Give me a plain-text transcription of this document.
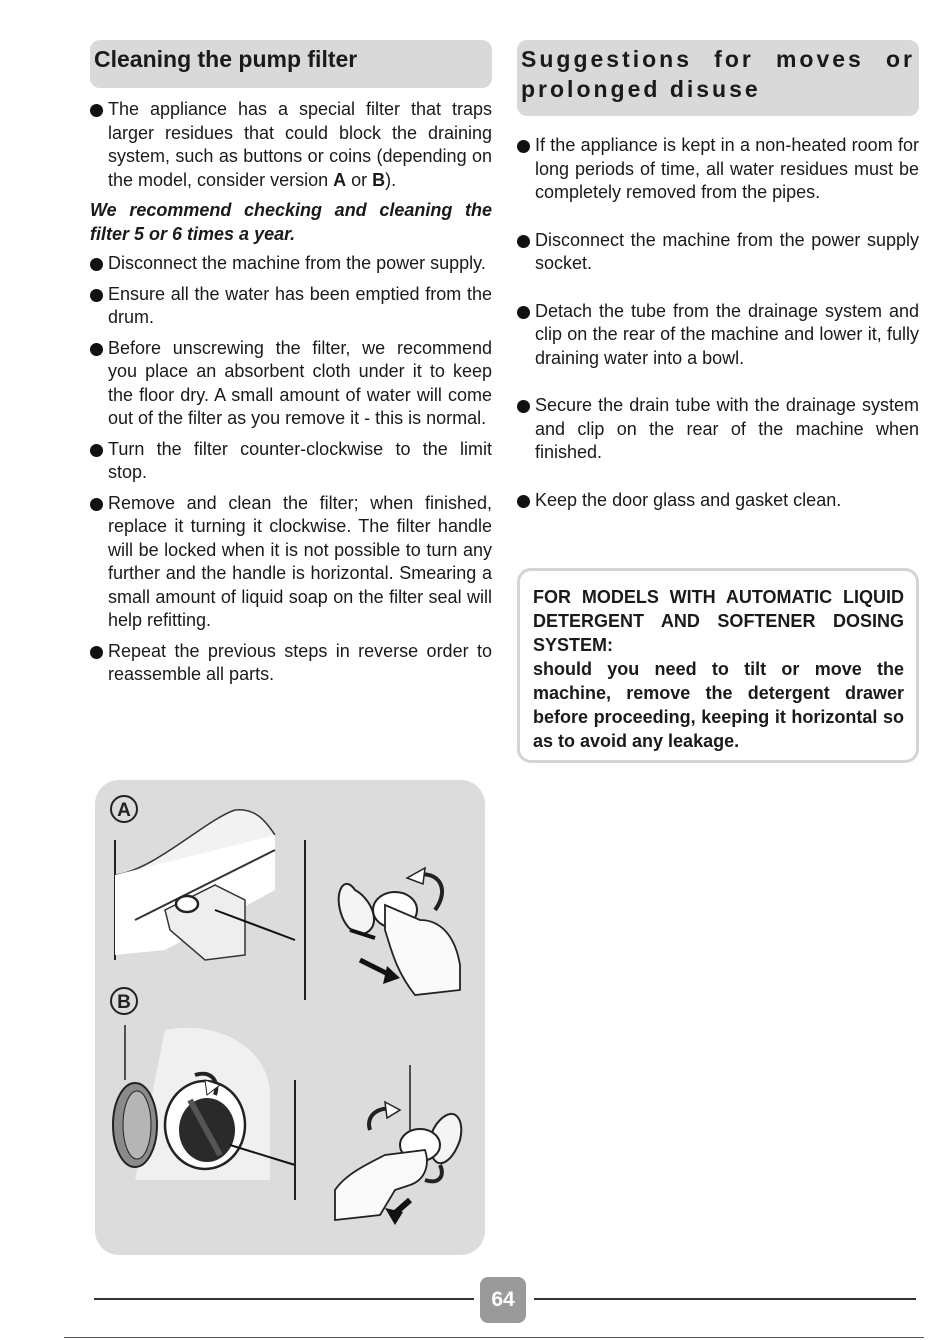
Cleaning the pump filter
The appliance has a special filter that traps larger residues that could block the draining system, such as buttons or coins (depending on the model, consider version A or B).
We recommend checking and cleaning the filter 5 or 6 times a year.
Disconnect the machine from the power supply.
Ensure all the water has been emptied from the drum.
Before unscrewing the filter, we recommend you place an absorbent cloth under it to keep the floor dry. A small amount of water will come out of the filter as you remove it - this is normal.
Turn the filter counter-clockwise to the limit stop.
Remove and clean the filter; when finished, replace it turning it clockwise. The filter handle will be locked when it is not possible to turn any further and the handle is horizontal. Smearing a small amount of liquid soap on the filter seal will help refitting.
Repeat the previous steps in reverse order to reassemble all parts.
Suggestions for moves or prolonged disuse
If the appliance is kept in a non-heated room for long periods of time, all water residues must be completely removed from the pipes.
Disconnect the machine from the power supply socket.
Detach the tube from the drainage system and clip on the rear of the machine and lower it, fully draining water into a bowl.
Secure the drain tube with the drainage system and clip on the rear of the machine when finished.
Keep the door glass and gasket clean.

FOR MODELS WITH AUTOMATIC LIQUID DETERGENT AND SOFTENER DOSING SYSTEM:

should you need to tilt or move the machine, remove the detergent drawer before proceeding, keeping it horizontal so as to avoid any leakage.

A
B
64
